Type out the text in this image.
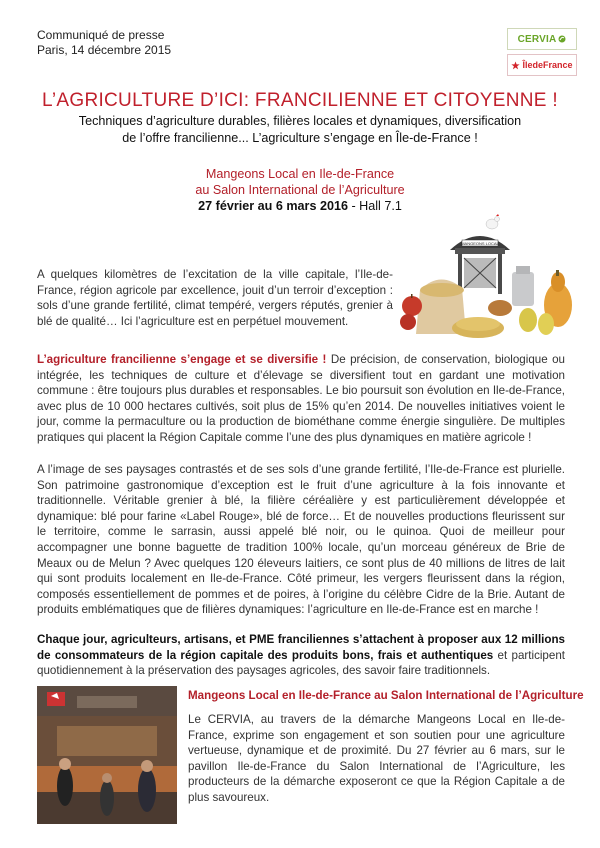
Communiqué de presse
Paris, 14 décembre 2015
CERVIA
ÎledeFrance
L’AGRICULTURE D’ICI: FRANCILIENNE ET CITOYENNE !
Techniques d’agriculture durables, filières locales et dynamiques, diversification
de l’offre francilienne... L’agriculture s’engage en Île-de-France !
Mangeons Local en Ile-de-France
au Salon International de l’Agriculture
27 février au 6 mars 2016 - Hall 7.1
MANGEONS LOCAL
A quelques kilomètres de l’excitation de la ville capitale, l’Ile-de-France, région agricole par excellence, jouit d’un terroir d’exception : sols d’une grande fertilité, climat tempéré, vergers réputés, grenier à blé de qualité… Ici l’agriculture est en perpétuel mouvement.
L’agriculture francilienne s’engage et se diversifie ! De précision, de conservation, biologique ou intégrée, les techniques de culture et d’élevage se diversifient tout en gardant une motivation commune : être toujours plus durables et responsables. Le bio poursuit son évolution en Ile-de-France, avec plus de 10 000 hectares cultivés, soit plus de 15% qu’en 2014. De nouvelles initiatives voient le jour, comme la permaculture ou la production de biométhane comme énergie singulière. De multiples pratiques qui placent la Région Capitale comme l’une des plus dynamiques en matière agricole !
A l’image de ses paysages contrastés et de ses sols d’une grande fertilité, l’Ile-de-France est plurielle. Son patrimoine gastronomique d’exception est le fruit d’une agriculture à la fois innovante et traditionnelle. Véritable grenier à blé, la filière céréalière y est particulièrement développée et dynamique: blé pour farine «Label Rouge», blé de force… Et de nouvelles productions fleurissent sur le territoire, comme le sarrasin, aussi appelé blé noir, ou le quinoa. Quoi de meilleur pour accompagner une bonne baguette de tradition 100% locale, qu’un morceau généreux de Brie de Meaux ou de Melun ? Avec quelques 120 éleveurs laitiers, ce sont plus de 40 millions de litres de lait qui sont produits localement en Ile-de-France. Côté primeur, les vergers fleurissent dans la région, composés essentiellement de pommes et de poires, à l’origine du célèbre Cidre de la Brie. Autant de produits emblématiques que de filières dynamiques: l’agriculture en Ile-de-France est en marche !
Chaque jour, agriculteurs, artisans, et PME franciliennes s’attachent à proposer aux 12 millions de consommateurs de la région capitale des produits bons, frais et authentiques et participent quotidiennement à la préservation des paysages agricoles, des savoir faire traditionnels.
Mangeons Local en Ile-de-France au Salon International de l’Agriculture
Le CERVIA, au travers de la démarche Mangeons Local en Ile-de-France, exprime son engagement et son soutien pour une agriculture vertueuse, dynamique et de proximité. Du 27 février au 6 mars, sur le pavillon Ile-de-France du Salon International de l’Agriculture, les producteurs de la démarche exposeront ce que la Région Capitale a de plus savoureux.
